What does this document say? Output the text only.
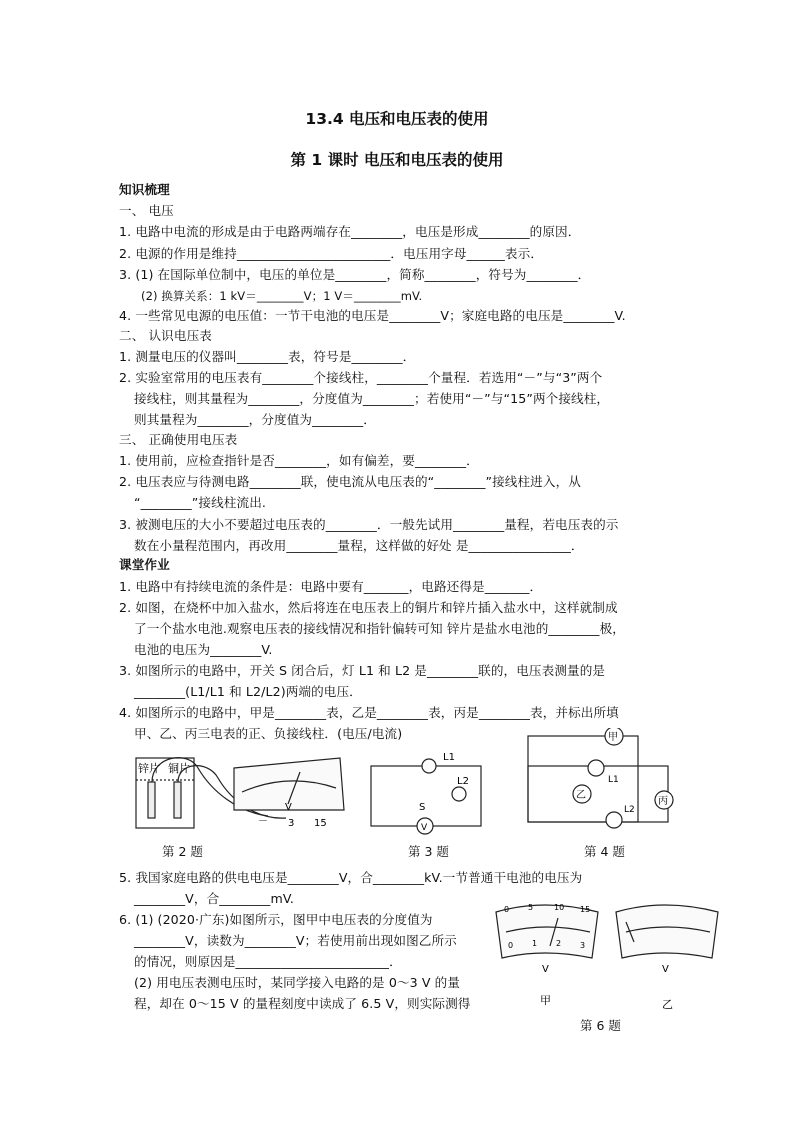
13.4 电压和电压表的使用
第 1 课时 电压和电压表的使用
知识梳理
一、 电压
1. 电路中电流的形成是由于电路两端存在________，电压是形成________的原因．
2. 电源的作用是维持________________________．电压用字母______表示．
3. (1) 在国际单位制中，电压的单位是________，简称________，符号为________．
(2) 换算关系：1 kV＝________V；1 V＝________mV.
4. 一些常见电源的电压值：一节干电池的电压是________V；家庭电路的电压是________V.
二、 认识电压表
1. 测量电压的仪器叫________表，符号是________．
2. 实验室常用的电压表有________个接线柱，________个量程．若选用“－”与“3”两个
接线柱，则其量程为________，分度值为________；若使用“－”与“15”两个接线柱，
则其量程为________，分度值为________．
三、 正确使用电压表
1. 使用前，应检查指针是否________，如有偏差，要________．
2. 电压表应与待测电路________联，使电流从电压表的“________”接线柱进入，从
“________”接线柱流出.
3. 被测电压的大小不要超过电压表的________．一般先试用________量程，若电压表的示
数在小量程范围内，再改用________量程，这样做的好处 是________________．
课堂作业
1. 电路中有持续电流的条件是：电路中要有_______，电路还得是_______．
2. 如图，在烧杯中加入盐水，然后将连在电压表上的铜片和锌片插入盐水中，这样就制成
了一个盐水电池.观察电压表的接线情况和指针偏转可知 锌片是盐水电池的________极，
电池的电压为________V.
3. 如图所示的电路中，开关 S 闭合后，灯 L1 和 L2 是________联的，电压表测量的是
________(L1/L1 和 L2/L2)两端的电压．
4. 如图所示的电路中，甲是________表，乙是________表，丙是________表，并标出所填
甲、乙、丙三电表的正、负接线柱．(电压/电流)
锌片 铜片
V
－ 3 15
第 2 题
L1
L2
S
V
第 3 题
甲
乙
丙
L1
L2
第 4 题
5. 我国家庭电路的供电电压是________V，合________kV.一节普通干电池的电压为
________V，合________mV.
6. (1) (2020·广东)如图所示，图甲中电压表的分度值为
________V，读数为________V；若使用前出现如图乙所示
的情况，则原因是________________________．
(2) 用电压表测电压时，某同学接入电路的是 0～3 V 的量
程，却在 0～15 V 的量程刻度中读成了 6.5 V，则实际测得
0 5	10 15
0 1 2 3
V	V
甲	乙
第 6 题
